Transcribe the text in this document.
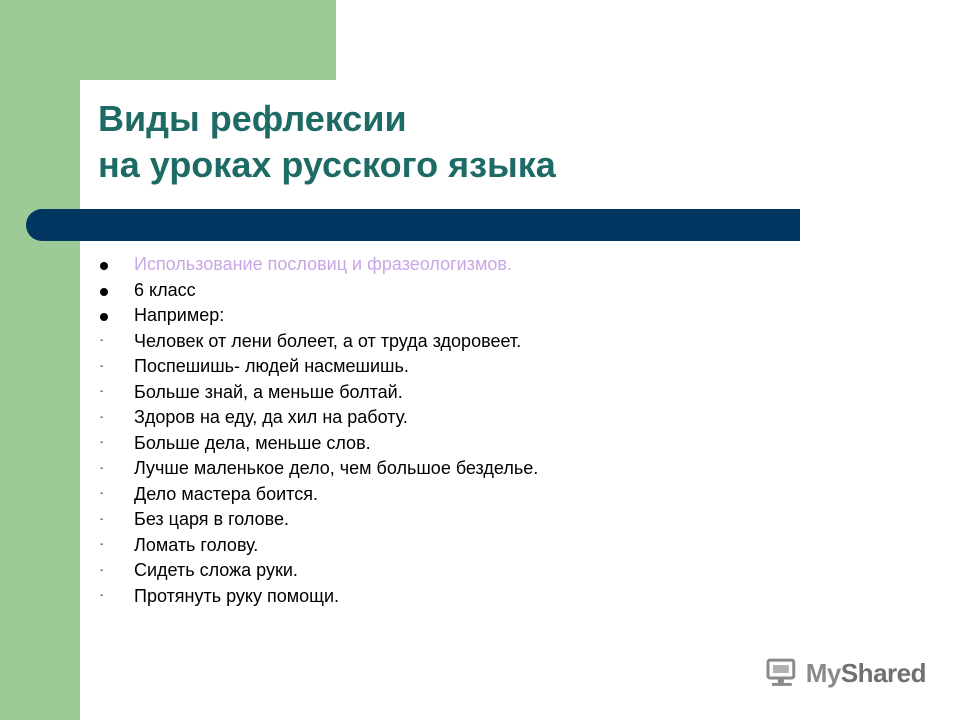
Виды рефлексии
на уроках русского языка
Использование пословиц и фразеологизмов.
6 класс
Например:
-	Человек от лени болеет, а от труда здоровеет.
-	Поспешишь- людей насмешишь.
-	Больше знай, а меньше болтай.
-	Здоров на еду, да хил на работу.
-	Больше дела, меньше слов.
-	Лучше маленькое дело, чем большое безделье.
-	Дело мастера боится.
-	Без царя в голове.
-	Ломать голову.
-	Сидеть сложа руки.
-	Протянуть руку помощи.
MyShared
